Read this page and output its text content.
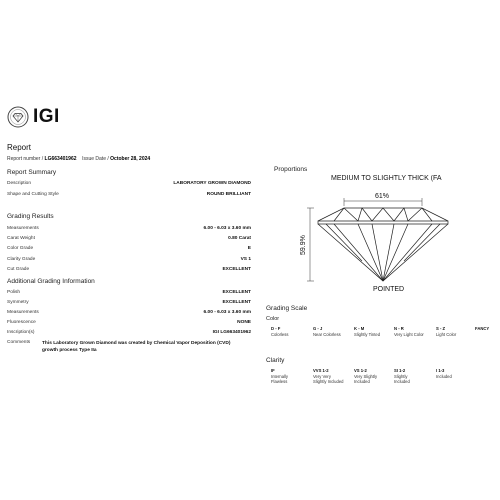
IGI
Report
Report number / LG663401962 Issue Date / October 28, 2024
Report Summary
Description	LABORATORY GROWN DIAMOND
Shape and Cutting Style	ROUND BRILLIANT
Grading Results
Measurements	6.00 - 6.03 x 3.60 mm
Carat Weight	0.80 Carat
Color Grade	E
Clarity Grade	VS 1
Cut Grade	EXCELLENT
Additional Grading Information
Polish	EXCELLENT
Symmetry	EXCELLENT
Measurements	6.00 - 6.03 x 3.60 mm
Fluorescence	NONE
Inscription(s)	IGI LG663401962
Comments This Laboratory Grown Diamond was created by Chemical Vapor Deposition (CVD) growth process Type IIa
Proportions
MEDIUM TO SLIGHTLY THICK (FA
61%
59.9%
POINTED
Grading Scale
Color
D - F
Colorless
G - J
Near Colorless
K - M
Slightly Tinted
N - R
Very Light Color
S - Z
Light Color
FANCY
Clarity
IF
Internally Flawless
VVS 1-2
Very Very Slightly Included
VS 1-2
Very Slightly Included
SI 1-2
Slightly Included
I 1-3
Included
